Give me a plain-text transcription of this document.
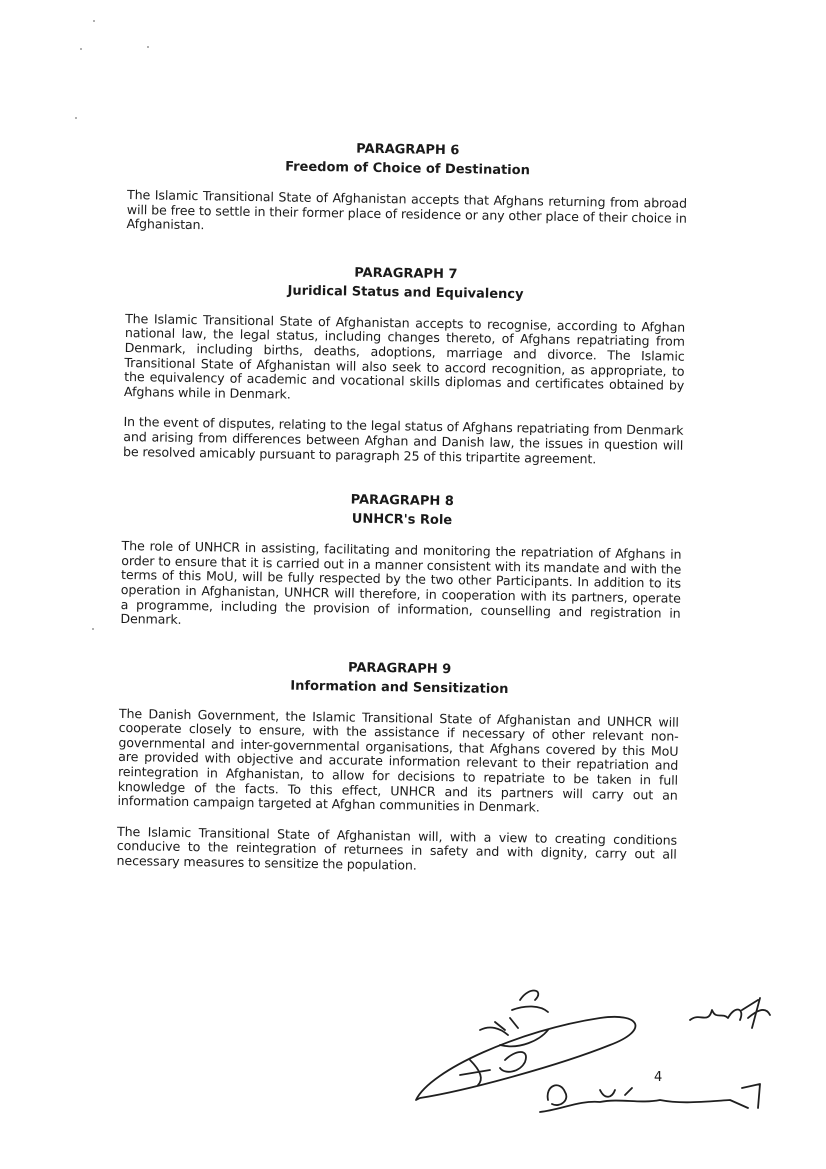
PARAGRAPH 6

Freedom of Choice of Destination

The Islamic Transitional State of Afghanistan accepts that Afghans returning from abroad will be free to settle in their former place of residence or any other place of their choice in Afghanistan.

PARAGRAPH 7

Juridical Status and Equivalency

The Islamic Transitional State of Afghanistan accepts to recognise, according to Afghan national law, the legal status, including changes thereto, of Afghans repatriating from Denmark, including births, deaths, adoptions, marriage and divorce. The Islamic Transitional State of Afghanistan will also seek to accord recognition, as appropriate, to the equivalency of academic and vocational skills diplomas and certificates obtained by Afghans while in Denmark.

In the event of disputes, relating to the legal status of Afghans repatriating from Denmark and arising from differences between Afghan and Danish law, the issues in question will be resolved amicably pursuant to paragraph 25 of this tripartite agreement.

PARAGRAPH 8

UNHCR's Role

The role of UNHCR in assisting, facilitating and monitoring the repatriation of Afghans in order to ensure that it is carried out in a manner consistent with its mandate and with the terms of this MoU, will be fully respected by the two other Participants. In addition to its operation in Afghanistan, UNHCR will therefore, in cooperation with its partners, operate a programme, including the provision of information, counselling and registration in Denmark.

PARAGRAPH 9

Information and Sensitization

The Danish Government, the Islamic Transitional State of Afghanistan and UNHCR will cooperate closely to ensure, with the assistance if necessary of other relevant non-governmental and inter-governmental organisations, that Afghans covered by this MoU are provided with objective and accurate information relevant to their repatriation and reintegration in Afghanistan, to allow for decisions to repatriate to be taken in full knowledge of the facts. To this effect, UNHCR and its partners will carry out an information campaign targeted at Afghan communities in Denmark.

The Islamic Transitional State of Afghanistan will, with a view to creating conditions conducive to the reintegration of returnees in safety and with dignity, carry out all necessary measures to sensitize the population.

4
